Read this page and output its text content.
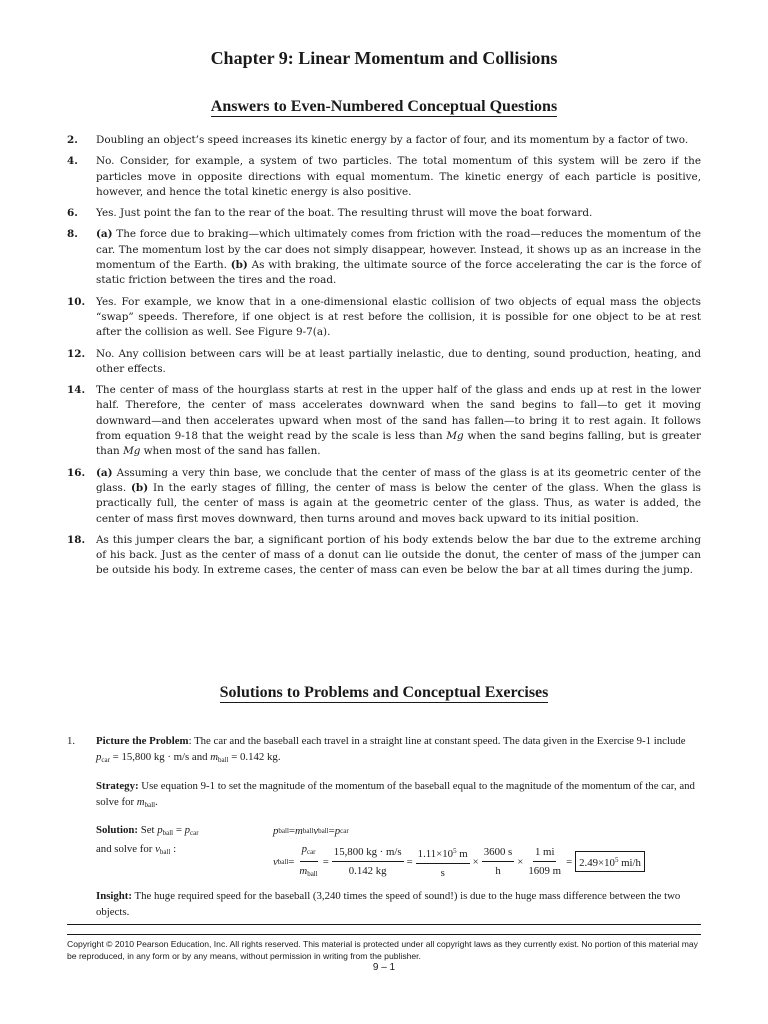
Chapter 9: Linear Momentum and Collisions
Answers to Even-Numbered Conceptual Questions
2.	Doubling an object’s speed increases its kinetic energy by a factor of four, and its momentum by a factor of two.
4.	No. Consider, for example, a system of two particles. The total momentum of this system will be zero if the particles move in opposite directions with equal momentum. The kinetic energy of each particle is positive, however, and hence the total kinetic energy is also positive.
6.	Yes. Just point the fan to the rear of the boat. The resulting thrust will move the boat forward.
8.	(a) The force due to braking—which ultimately comes from friction with the road—reduces the momentum of the car. The momentum lost by the car does not simply disappear, however. Instead, it shows up as an increase in the momentum of the Earth. (b) As with braking, the ultimate source of the force accelerating the car is the force of static friction between the tires and the road.
10.	Yes. For example, we know that in a one-dimensional elastic collision of two objects of equal mass the objects “swap” speeds. Therefore, if one object is at rest before the collision, it is possible for one object to be at rest after the collision as well. See Figure 9-7(a).
12.	No. Any collision between cars will be at least partially inelastic, due to denting, sound production, heating, and other effects.
14.	The center of mass of the hourglass starts at rest in the upper half of the glass and ends up at rest in the lower half. Therefore, the center of mass accelerates downward when the sand begins to fall—to get it moving downward—and then accelerates upward when most of the sand has fallen—to bring it to rest again. It follows from equation 9-18 that the weight read by the scale is less than Mg when the sand begins falling, but is greater than Mg when most of the sand has fallen.
16.	(a) Assuming a very thin base, we conclude that the center of mass of the glass is at its geometric center of the glass. (b) In the early stages of filling, the center of mass is below the center of the glass. When the glass is practically full, the center of mass is again at the geometric center of the glass. Thus, as water is added, the center of mass first moves downward, then turns around and moves back upward to its initial position.
18.	As this jumper clears the bar, a significant portion of his body extends below the bar due to the extreme arching of his back. Just as the center of mass of a donut can lie outside the donut, the center of mass of the jumper can be outside his body. In extreme cases, the center of mass can even be below the bar at all times during the jump.
Solutions to Problems and Conceptual Exercises
1. Picture the Problem: The car and the baseball each travel in a straight line at constant speed. The data given in the Exercise 9-1 include $p_{car} = 15,800$ kg · m/s and $m_{ball} = 0.142$ kg.
Strategy: Use equation 9-1 to set the magnitude of the momentum of the baseball equal to the magnitude of the momentum of the car, and solve for $m_{ball}$.
Solution: Set $p_{ball} = p_{car}$
and solve for $v_{ball}$ :
p ball = m ball v ball = p car
v ball = $\frac{p_{car}}{m_{ball}} = \frac{15,800 kg \cdot m/s}{0.142 kg} = \frac{1.11\times 10^5 m}{s} \times \frac{3600 s}{h} \times \frac{1 mi}{1609 m} = 2.49\times 10^5$ mi/h
Insight: The huge required speed for the baseball (3,240 times the speed of sound!) is due to the huge mass difference between the two objects.
Copyright © 2010 Pearson Education, Inc. All rights reserved. This material is protected under all copyright laws as they currently exist. No portion of this material may be reproduced, in any form or by any means, without permission in writing from the publisher.
9 – 1
